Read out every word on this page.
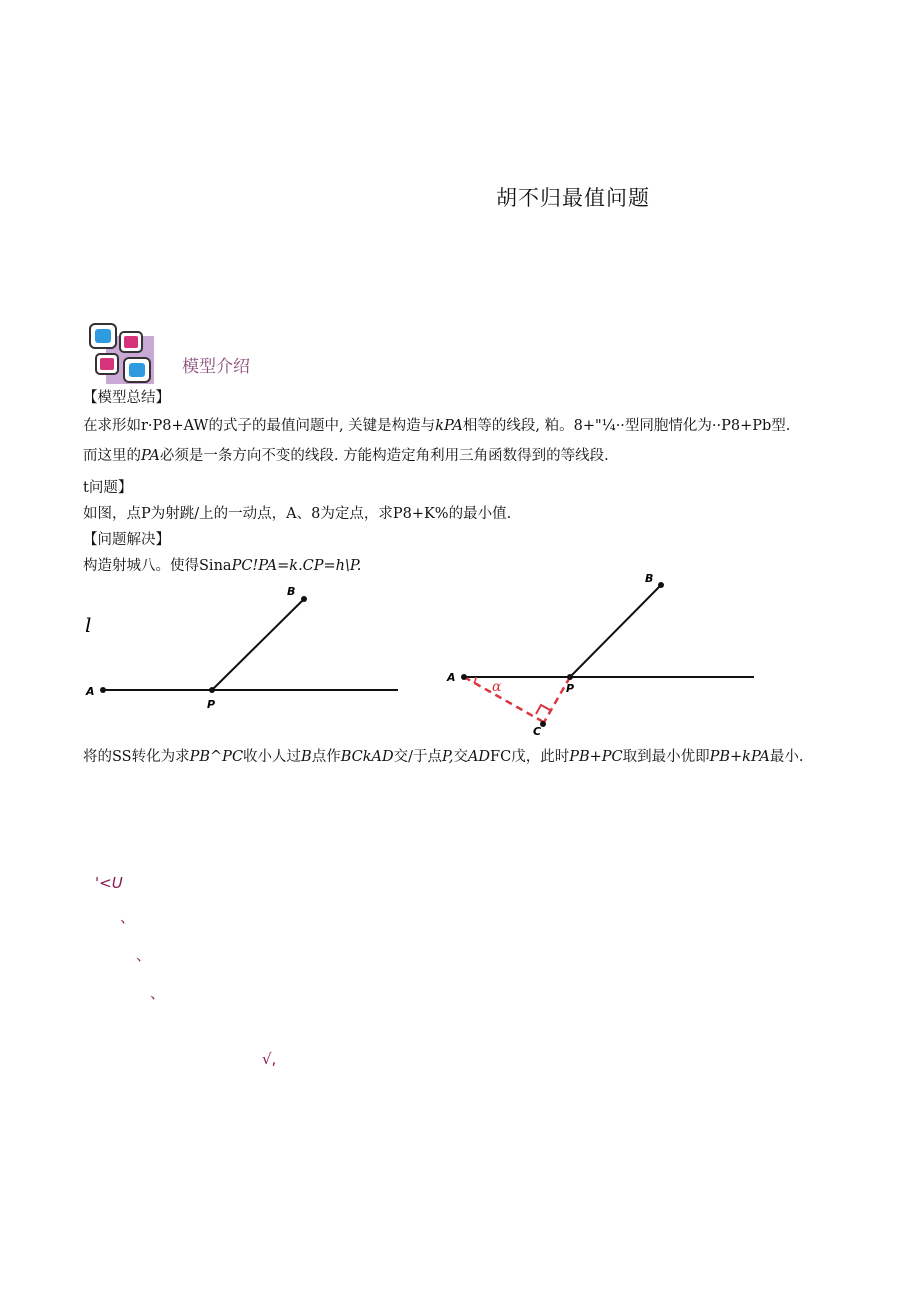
胡不归最值问题
模型介绍
【模型总结】
在求形如r·P8+AW的式子的最值问题中, 关键是构造与kPA相等的线段, 粕。8+"¼··型同胞情化为··P8+Pb型.
而这里的PA必须是一条方向不变的线段. 方能构造定角利用三角函数得到的等线段.
t问题】
如图，点P为射跳/上的一动点，A、8为定点，求P8+K%的最小值.
【问题解决】
构造射城八。使得SinaPC!PA=k.CP=h\P.
l
A
B
P
A
B
P
C
α
将的SS转化为求PB^PC收小人过B点作BCkAD交/于点P,交ADFC戊，此时PB+PC取到最小优即PB+kPA最小.
'<U
、
、
、
√,
